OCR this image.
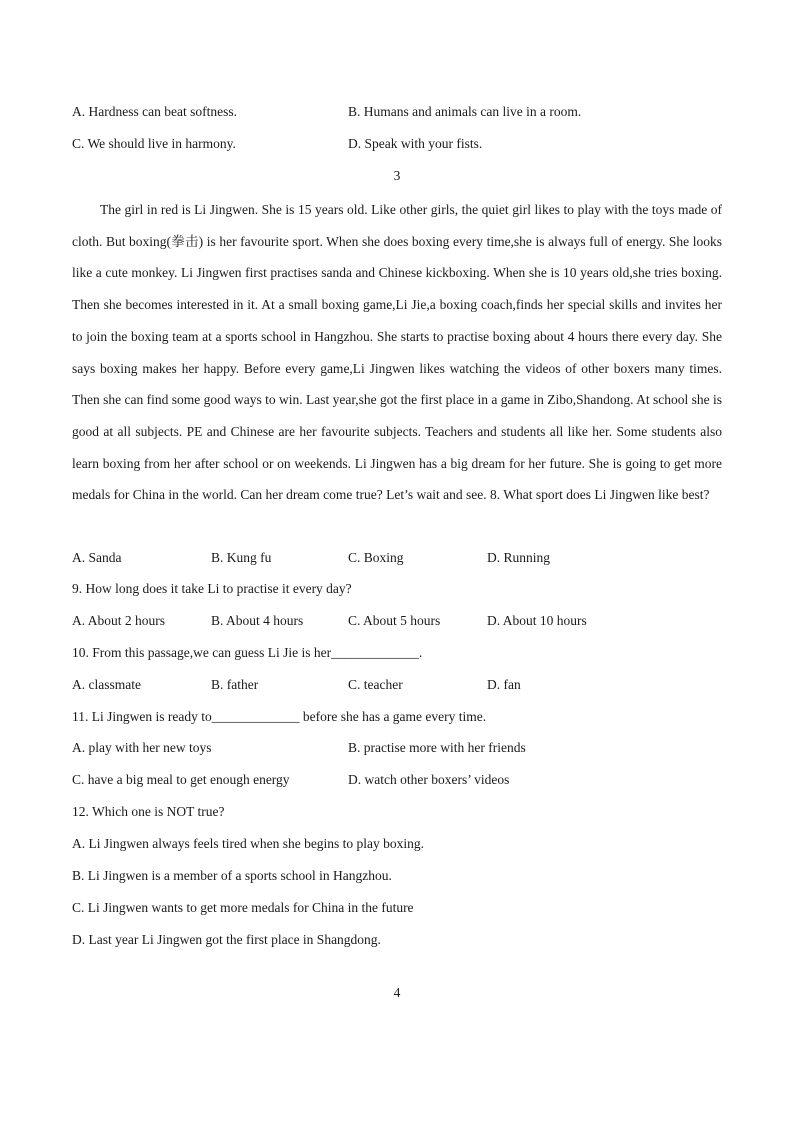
A. Hardness can beat softness.	B. Humans and animals can live in a room.
C. We should live in harmony.	D. Speak with your fists.
3

The girl in red is Li Jingwen. She is 15 years old. Like other girls, the quiet girl likes to play with the toys made of cloth. But boxing(拳击) is her favourite sport. When she does boxing every time,she is always full of energy. She looks like a cute monkey. Li Jingwen first practises sanda and Chinese kickboxing. When she is 10 years old,she tries boxing. Then she becomes interested in it. At a small boxing game,Li Jie,a boxing coach,finds her special skills and invites her to join the boxing team at a sports school in Hangzhou. She starts to practise boxing about 4 hours there every day. She says boxing makes her happy. Before every game,Li Jingwen likes watching the videos of other boxers many times. Then she can find some good ways to win. Last year,she got the first place in a game in Zibo,Shandong. At school she is good at all subjects. PE and Chinese are her favourite subjects. Teachers and students all like her. Some students also learn boxing from her after school or on weekends. Li Jingwen has a big dream for her future. She is going to get more medals for China in the world. Can her dream come true? Let’s wait and see. 8. What sport does Li Jingwen like best?

A. Sanda	B. Kung fu	C. Boxing	D. Running
9. How long does it take Li to practise it every day?
A. About 2 hours	B. About 4 hours	C. About 5 hours	D. About 10 hours
10. From this passage,we can guess Li Jie is her_____________.
A. classmate	B. father	C. teacher	D. fan
11. Li Jingwen is ready to_____________ before she has a game every time.
A. play with her new toys	B. practise more with her friends
C. have a big meal to get enough energy	D. watch other boxers’ videos
12. Which one is NOT true?
A. Li Jingwen always feels tired when she begins to play boxing.
B. Li Jingwen is a member of a sports school in Hangzhou.
C. Li Jingwen wants to get more medals for China in the future
D. Last year Li Jingwen got the first place in Shangdong.
4
